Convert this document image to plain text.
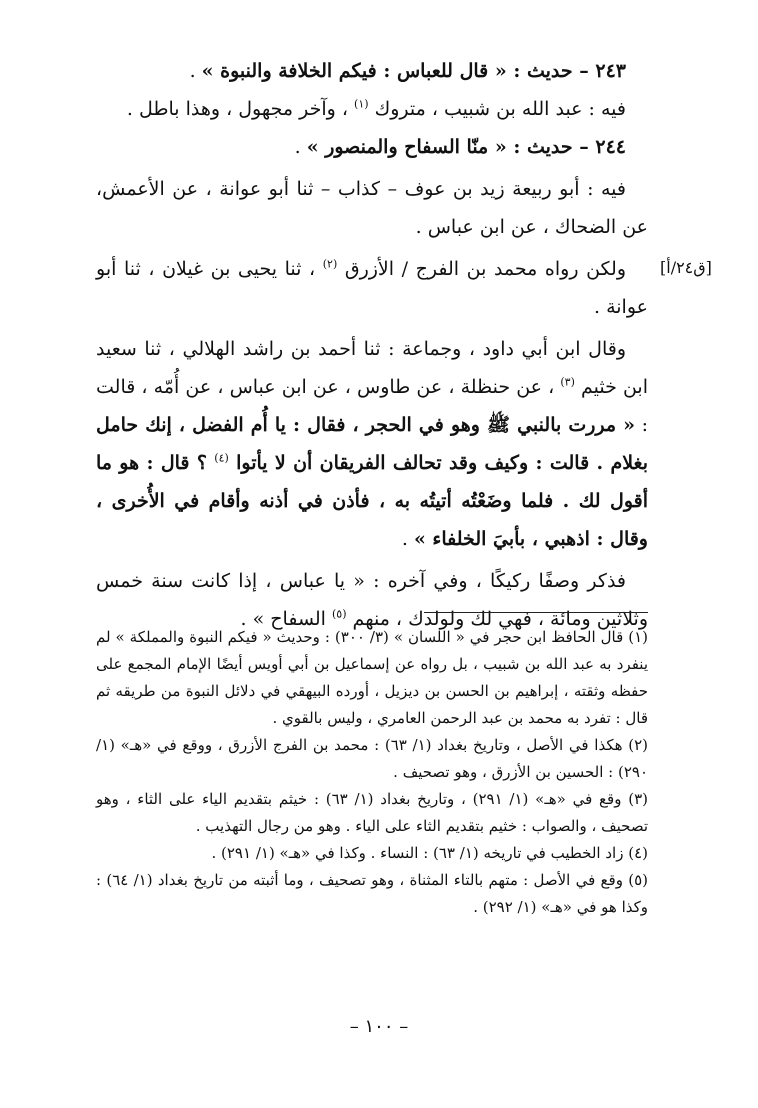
٢٤٣ – حديث : « قال للعباس : فيكم الخلافة والنبوة » .

فيه : عبد الله بن شبيب ، متروك $^{(١)}$ ، وآخر مجهول ، وهذا باطل .

٢٤٤ – حديث : « منّا السفاح والمنصور » .

فيه : أبو ربيعة زيد بن عوف – كذاب – ثنا أبو عوانة ، عن الأعمش، عن الضحاك ، عن ابن عباس .

ولكن رواه محمد بن الفرج / الأزرق $^{(٢)}$ ، ثنا يحيى بن غيلان ، ثنا أبو عوانة .

وقال ابن أبي داود ، وجماعة : ثنا أحمد بن راشد الهلالي ، ثنا سعيد ابن خثيم $^{(٣)}$ ، عن حنظلة ، عن طاوس ، عن ابن عباس ، عن أُمّه ، قالت : « مررت بالنبي ﷺ وهو في الحجر ، فقال : يا أُم الفضل ، إنك حامل بغلام . قالت : وكيف وقد تحالف الفريقان أن لا يأتوا $^{(٤)}$ ؟ قال : هو ما أقول لك . فلما وضَعْتُه أتيتُه به ، فأذن في أذنه وأقام في الأُخرى ، وقال : اذهبي ، بأبيَ الخلفاء » .

فذكر وصفًا ركيكًا ، وفي آخره : « يا عباس ، إذا كانت سنة خمس وثلاثين ومائة ، فهي لك ولولدك ، منهم $^{(٥)}$ السفاح » .

[ق٢٤/أ]

(١) قال الحافظ ابن حجر في « اللسان » (٣/ ٣٠٠) : وحديث « فيكم النبوة والمملكة » لم ينفرد به عبد الله بن شبيب ، بل رواه عن إسماعيل بن أبي أويس أيضًا الإمام المجمع على حفظه وثقته ، إبراهيم بن الحسن بن ديزيل ، أورده البيهقي في دلائل النبوة من طريقه ثم قال : تفرد به محمد بن عبد الرحمن العامري ، وليس بالقوي .

(٢) هكذا في الأصل ، وتاريخ بغداد (١/ ٦٣) : محمد بن الفرج الأزرق ، ووقع في «هـ» (١/ ٢٩٠) : الحسين بن الأزرق ، وهو تصحيف .

(٣) وقع في «هـ» (١/ ٢٩١) ، وتاريخ بغداد (١/ ٦٣) : خيثم بتقديم الياء على الثاء ، وهو تصحيف ، والصواب : خثيم بتقديم الثاء على الياء . وهو من رجال التهذيب .

(٤) زاد الخطيب في تاريخه (١/ ٦٣) : النساء . وكذا في «هـ» (١/ ٢٩١) .

(٥) وقع في الأصل : متهم بالتاء المثناة ، وهو تصحيف ، وما أثبته من تاريخ بغداد (١/ ٦٤) : وكذا هو في «هـ» (١/ ٢٩٢) .

– ١٠٠ –
